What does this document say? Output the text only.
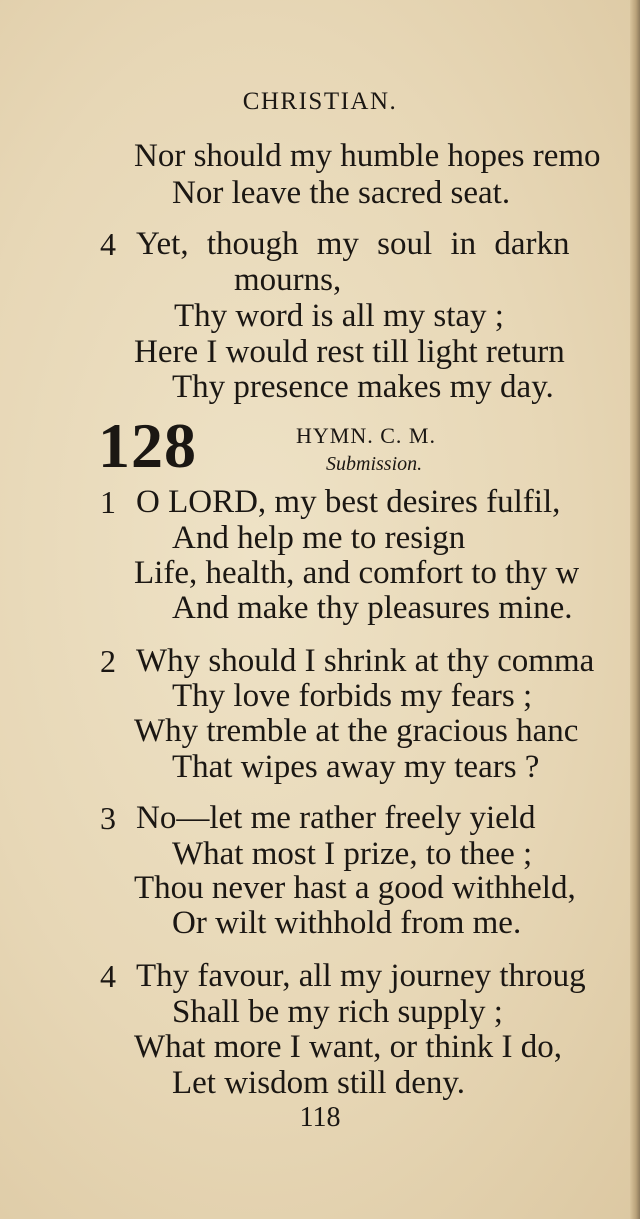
CHRISTIAN.
Nor should my humble hopes remo
Nor leave the sacred seat.
4 Yet, though my soul in darkn
mourns,
Thy word is all my stay ;
Here I would rest till light return
Thy presence makes my day.
128	HYMN. C. M.
Submission.
1 O LORD, my best desires fulfil,
And help me to resign
Life, health, and comfort to thy w
And make thy pleasures mine.
2 Why should I shrink at thy comma
Thy love forbids my fears ;
Why tremble at the gracious hanc
That wipes away my tears ?
3 No—let me rather freely yield
What most I prize, to thee ;
Thou never hast a good withheld,
Or wilt withhold from me.
4 Thy favour, all my journey throug
Shall be my rich supply ;
What more I want, or think I do,
Let wisdom still deny.
118
